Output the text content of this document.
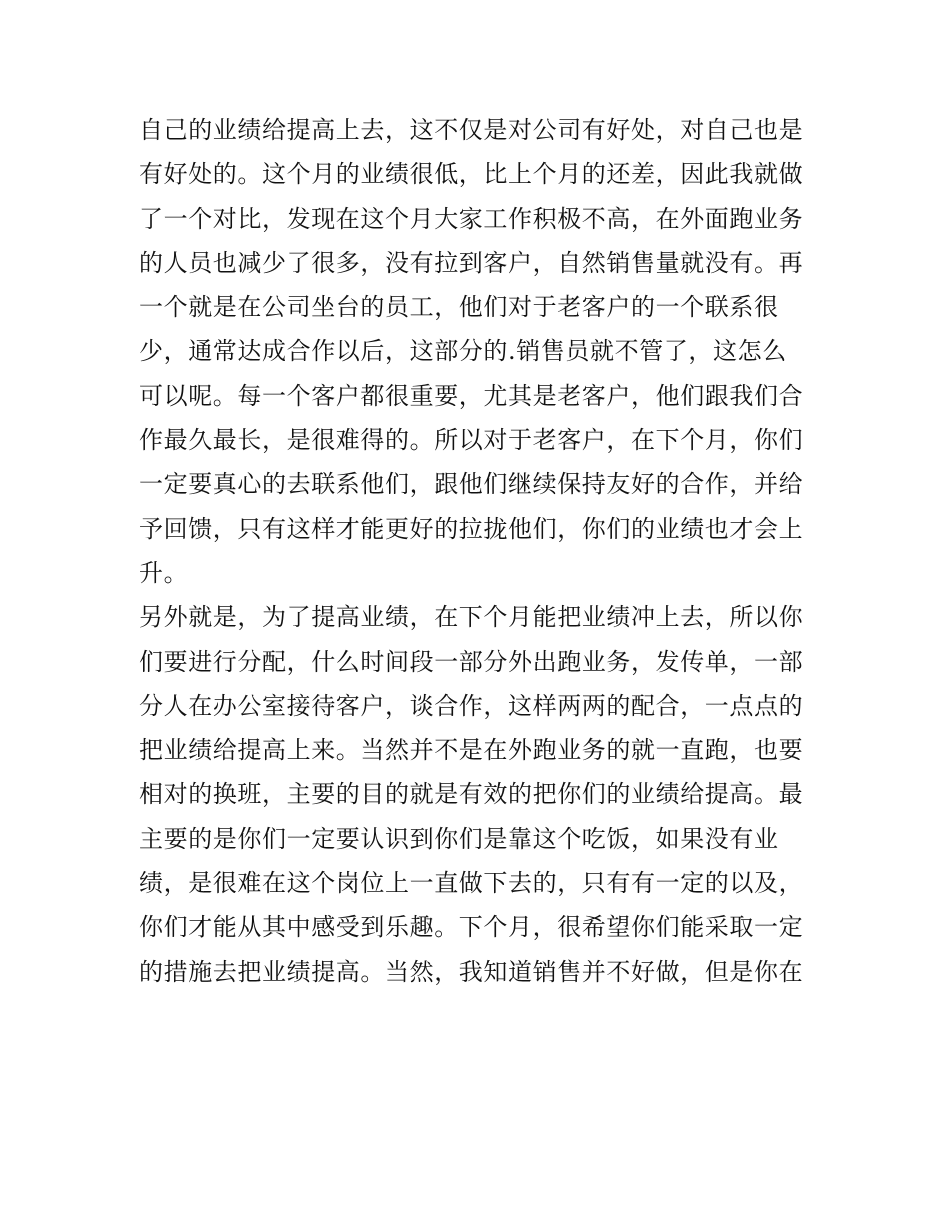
自己的业绩给提高上去，这不仅是对公司有好处，对自己也是
有好处的。这个月的业绩很低，比上个月的还差，因此我就做
了一个对比，发现在这个月大家工作积极不高，在外面跑业务
的人员也减少了很多，没有拉到客户，自然销售量就没有。再
一个就是在公司坐台的员工，他们对于老客户的一个联系很
少，通常达成合作以后，这部分的.销售员就不管了，这怎么
可以呢。每一个客户都很重要，尤其是老客户，他们跟我们合
作最久最长，是很难得的。所以对于老客户，在下个月，你们
一定要真心的去联系他们，跟他们继续保持友好的合作，并给
予回馈，只有这样才能更好的拉拢他们，你们的业绩也才会上
升。
另外就是，为了提高业绩，在下个月能把业绩冲上去，所以你
们要进行分配，什么时间段一部分外出跑业务，发传单，一部
分人在办公室接待客户，谈合作，这样两两的配合，一点点的
把业绩给提高上来。当然并不是在外跑业务的就一直跑，也要
相对的换班，主要的目的就是有效的把你们的业绩给提高。最
主要的是你们一定要认识到你们是靠这个吃饭，如果没有业
绩，是很难在这个岗位上一直做下去的，只有有一定的以及，
你们才能从其中感受到乐趣。下个月，很希望你们能采取一定
的措施去把业绩提高。当然，我知道销售并不好做，但是你在
